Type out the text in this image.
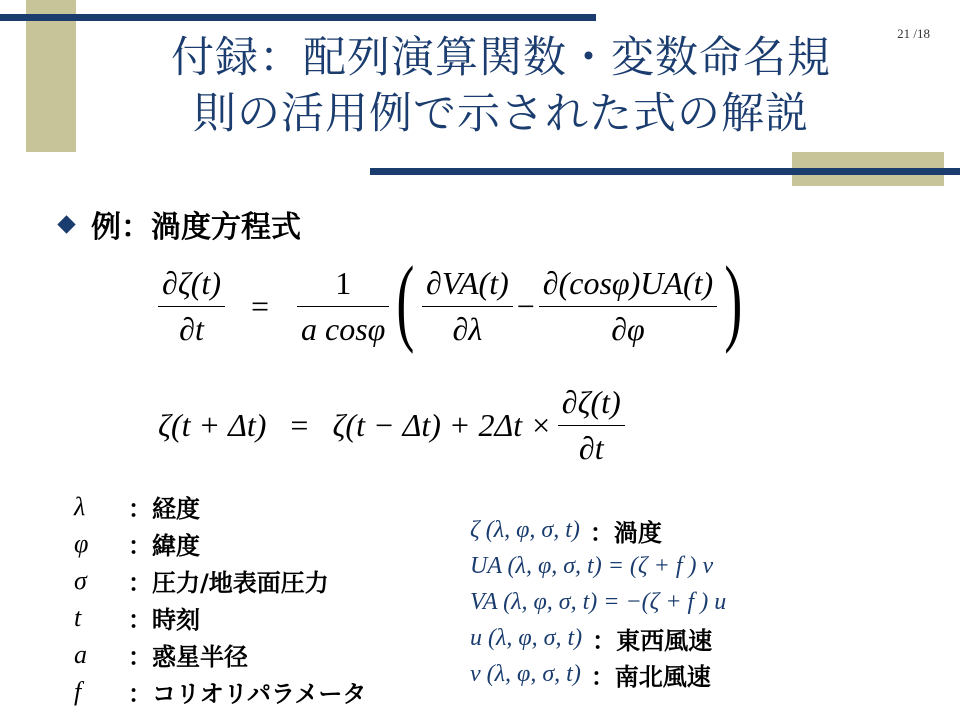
21 /18
付録：配列演算関数・変数命名規
則の活用例で示された式の解説
例：渦度方程式
$\frac{\partial\zeta(t)}{\partial t} = \frac{1}{\text{a cosφ}}$ ( $\frac{\partial VA(t)}{\partial\lambda} - \frac{\partial(\cos\varphi)UA(t)}{\partial\varphi}$ )
$\zeta(t + \Delta t) = \zeta(t - \Delta t) + 2\Delta t \times \frac{\partial\zeta(t)}{\partial t}$
λ	：経度
φ	：緯度
σ	：圧力/地表面圧力
t	：時刻
a	：惑星半径
f	：コリオリパラメータ
ζ (λ, φ, σ, t) ：渦度
UA (λ, φ, σ, t) = (ζ + f ) v
VA (λ, φ, σ, t) = −(ζ + f ) u
u (λ, φ, σ, t) ：東西風速
v (λ, φ, σ, t) ：南北風速
